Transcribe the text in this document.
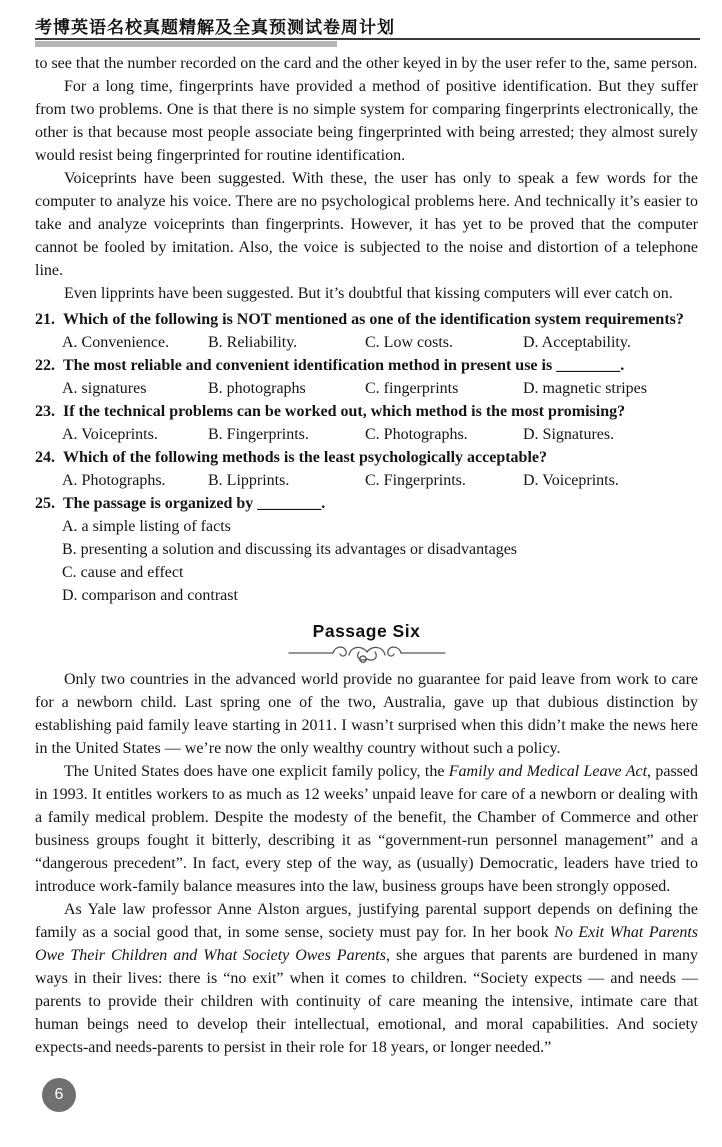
考博英语名校真题精解及全真预测试卷周计划

to see that the number recorded on the card and the other keyed in by the user refer to the, same person.

For a long time, fingerprints have provided a method of positive identification. But they suffer from two problems. One is that there is no simple system for comparing fingerprints electronically, the other is that because most people associate being fingerprinted with being arrested; they almost surely would resist being fingerprinted for routine identification.

Voiceprints have been suggested. With these, the user has only to speak a few words for the computer to analyze his voice. There are no psychological problems here. And technically it’s easier to take and analyze voiceprints than fingerprints. However, it has yet to be proved that the computer cannot be fooled by imitation. Also, the voice is subjected to the noise and distortion of a telephone line.

Even lipprints have been suggested. But it’s doubtful that kissing computers will ever catch on.

21. Which of the following is NOT mentioned as one of the identification system requirements?
A. Convenience.	B. Reliability.	C. Low costs.	D. Acceptability.
22. The most reliable and convenient identification method in present use is ________.
A. signatures	B. photographs	C. fingerprints	D. magnetic stripes
23. If the technical problems can be worked out, which method is the most promising?
A. Voiceprints.	B. Fingerprints.	C. Photographs.	D. Signatures.
24. Which of the following methods is the least psychologically acceptable?
A. Photographs.	B. Lipprints.	C. Fingerprints.	D. Voiceprints.
25. The passage is organized by ________.
A. a simple listing of facts
B. presenting a solution and discussing its advantages or disadvantages
C. cause and effect
D. comparison and contrast
Passage Six

Only two countries in the advanced world provide no guarantee for paid leave from work to care for a newborn child. Last spring one of the two, Australia, gave up that dubious distinction by establishing paid family leave starting in 2011. I wasn’t surprised when this didn’t make the news here in the United States — we’re now the only wealthy country without such a policy.

The United States does have one explicit family policy, the Family and Medical Leave Act, passed in 1993. It entitles workers to as much as 12 weeks’ unpaid leave for care of a newborn or dealing with a family medical problem. Despite the modesty of the benefit, the Chamber of Commerce and other business groups fought it bitterly, describing it as “government-run personnel management” and a “dangerous precedent”. In fact, every step of the way, as (usually) Democratic, leaders have tried to introduce work-family balance measures into the law, business groups have been strongly opposed.

As Yale law professor Anne Alston argues, justifying parental support depends on defining the family as a social good that, in some sense, society must pay for. In her book No Exit What Parents Owe Their Children and What Society Owes Parents, she argues that parents are burdened in many ways in their lives: there is “no exit” when it comes to children. “Society expects — and needs — parents to provide their children with continuity of care meaning the intensive, intimate care that human beings need to develop their intellectual, emotional, and moral capabilities. And society expects-and needs-parents to persist in their role for 18 years, or longer needed.”

6
